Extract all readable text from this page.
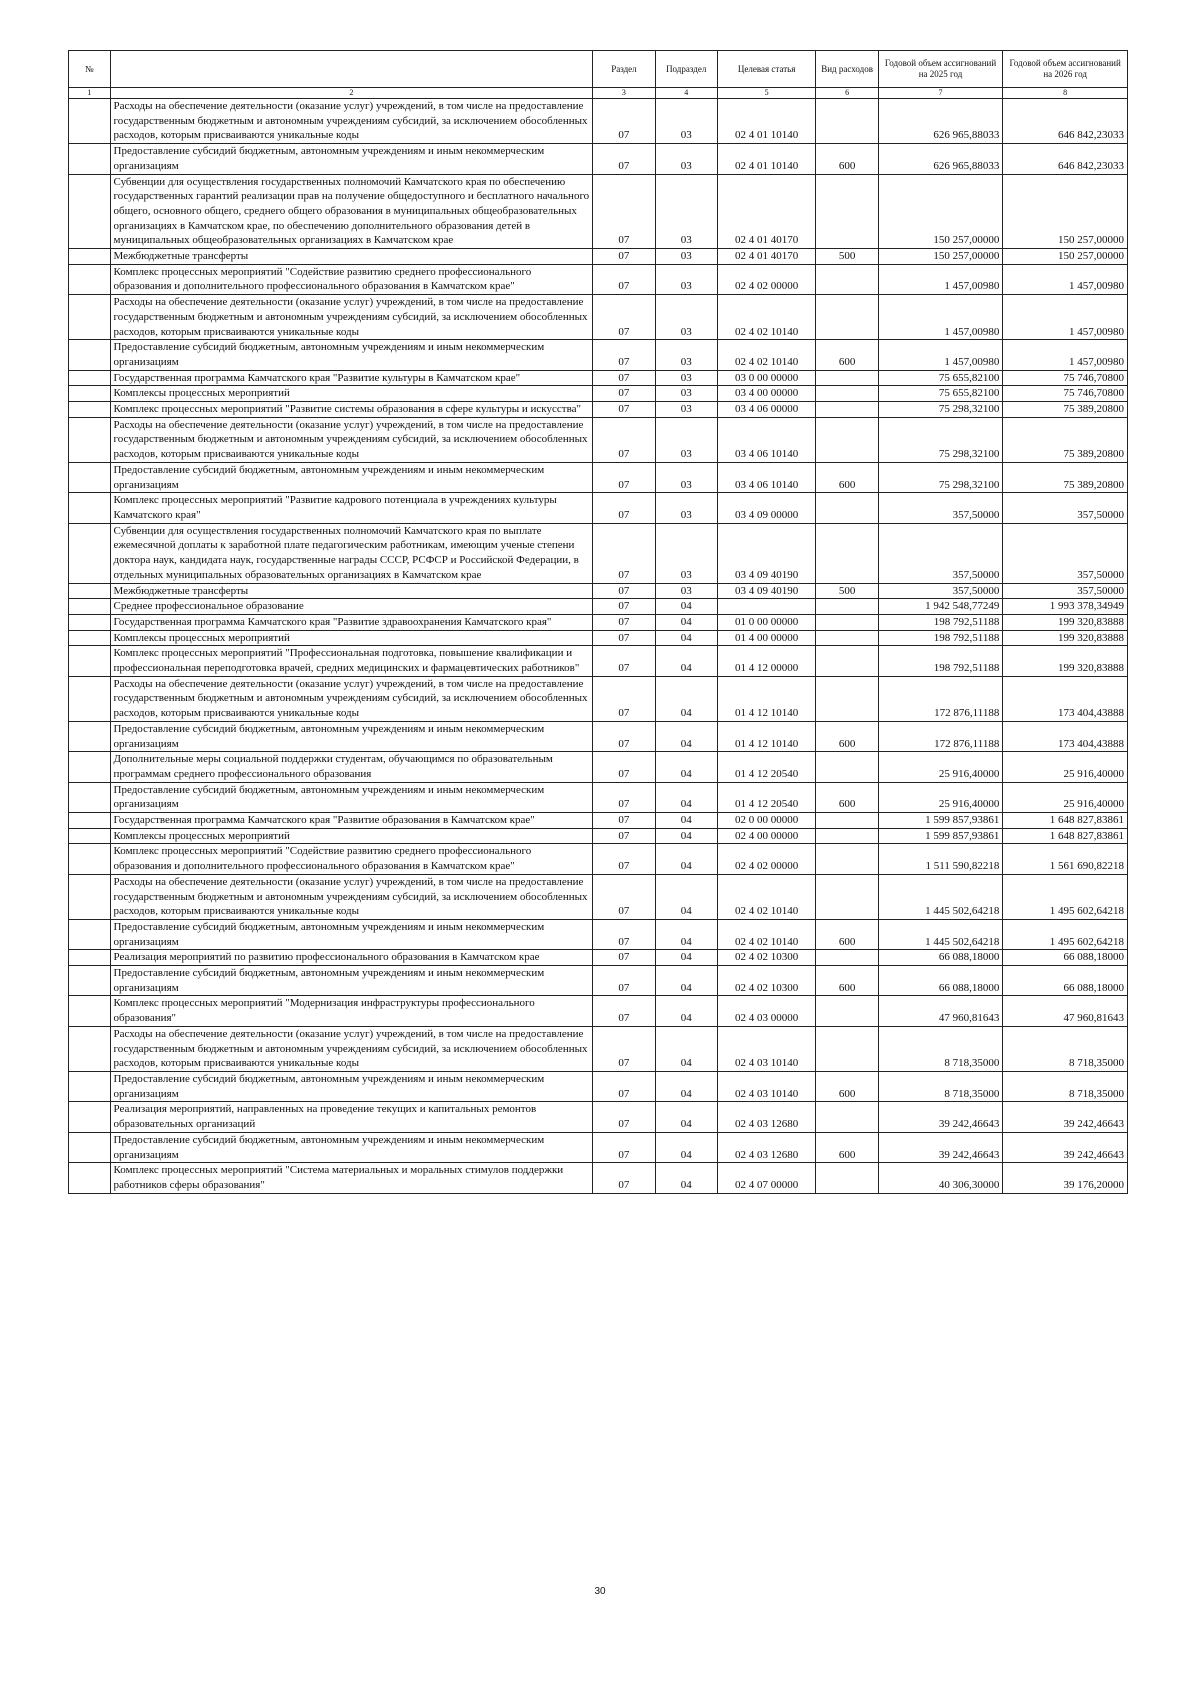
№		Раздел	Подраздел	Целевая статья	Вид расходов	Годовой объем ассигнований на 2025 год	Годовой объем ассигнований на 2026 год
1	2	3	4	5	6	7	8
	Расходы на обеспечение деятельности (оказание услуг) учреждений, в том числе на предоставление государственным бюджетным и автономным учреждениям субсидий, за исключением обособленных расходов, которым присваиваются уникальные коды	07	03	02 4 01 10140		626 965,88033	646 842,23033
	Предоставление субсидий бюджетным, автономным учреждениям и иным некоммерческим организациям	07	03	02 4 01 10140	600	626 965,88033	646 842,23033
	Субвенции для осуществления государственных полномочий Камчатского края по обеспечению государственных гарантий реализации прав на получение общедоступного и бесплатного начального общего, основного общего, среднего общего образования в муниципальных общеобразовательных организациях в Камчатском крае, по обеспечению дополнительного образования детей в муниципальных общеобразовательных организациях в Камчатском крае	07	03	02 4 01 40170		150 257,00000	150 257,00000
	Межбюджетные трансферты	07	03	02 4 01 40170	500	150 257,00000	150 257,00000
	Комплекс процессных мероприятий "Содействие развитию среднего профессионального образования и дополнительного профессионального образования в Камчатском крае"	07	03	02 4 02 00000		1 457,00980	1 457,00980
	Расходы на обеспечение деятельности (оказание услуг) учреждений, в том числе на предоставление государственным бюджетным и автономным учреждениям субсидий, за исключением обособленных расходов, которым присваиваются уникальные коды	07	03	02 4 02 10140		1 457,00980	1 457,00980
	Предоставление субсидий бюджетным, автономным учреждениям и иным некоммерческим организациям	07	03	02 4 02 10140	600	1 457,00980	1 457,00980
	Государственная программа Камчатского края "Развитие культуры в Камчатском крае"	07	03	03 0 00 00000		75 655,82100	75 746,70800
	Комплексы процессных мероприятий	07	03	03 4 00 00000		75 655,82100	75 746,70800
	Комплекс процессных мероприятий "Развитие системы образования в сфере культуры и искусства"	07	03	03 4 06 00000		75 298,32100	75 389,20800
	Расходы на обеспечение деятельности (оказание услуг) учреждений, в том числе на предоставление государственным бюджетным и автономным учреждениям субсидий, за исключением обособленных расходов, которым присваиваются уникальные коды	07	03	03 4 06 10140		75 298,32100	75 389,20800
	Предоставление субсидий бюджетным, автономным учреждениям и иным некоммерческим организациям	07	03	03 4 06 10140	600	75 298,32100	75 389,20800
	Комплекс процессных мероприятий "Развитие кадрового потенциала в учреждениях культуры Камчатского края"	07	03	03 4 09 00000		357,50000	357,50000
	Субвенции для осуществления государственных полномочий Камчатского края по выплате ежемесячной доплаты к заработной плате педагогическим работникам, имеющим ученые степени доктора наук, кандидата наук, государственные награды СССР, РСФСР и Российской Федерации, в отдельных муниципальных образовательных организациях в Камчатском крае	07	03	03 4 09 40190		357,50000	357,50000
	Межбюджетные трансферты	07	03	03 4 09 40190	500	357,50000	357,50000
	Среднее профессиональное образование	07	04			1 942 548,77249	1 993 378,34949
	Государственная программа Камчатского края "Развитие здравоохранения Камчатского края"	07	04	01 0 00 00000		198 792,51188	199 320,83888
	Комплексы процессных мероприятий	07	04	01 4 00 00000		198 792,51188	199 320,83888
	Комплекс процессных мероприятий "Профессиональная подготовка, повышение квалификации и профессиональная переподготовка врачей, средних медицинских и фармацевтических работников"	07	04	01 4 12 00000		198 792,51188	199 320,83888
	Расходы на обеспечение деятельности (оказание услуг) учреждений, в том числе на предоставление государственным бюджетным и автономным учреждениям субсидий, за исключением обособленных расходов, которым присваиваются уникальные коды	07	04	01 4 12 10140		172 876,11188	173 404,43888
	Предоставление субсидий бюджетным, автономным учреждениям и иным некоммерческим организациям	07	04	01 4 12 10140	600	172 876,11188	173 404,43888
	Дополнительные меры социальной поддержки студентам, обучающимся по образовательным программам среднего профессионального образования	07	04	01 4 12 20540		25 916,40000	25 916,40000
	Предоставление субсидий бюджетным, автономным учреждениям и иным некоммерческим организациям	07	04	01 4 12 20540	600	25 916,40000	25 916,40000
	Государственная программа Камчатского края "Развитие образования в Камчатском крае"	07	04	02 0 00 00000		1 599 857,93861	1 648 827,83861
	Комплексы процессных мероприятий	07	04	02 4 00 00000		1 599 857,93861	1 648 827,83861
	Комплекс процессных мероприятий "Содействие развитию среднего профессионального образования и дополнительного профессионального образования в Камчатском крае"	07	04	02 4 02 00000		1 511 590,82218	1 561 690,82218
	Расходы на обеспечение деятельности (оказание услуг) учреждений, в том числе на предоставление государственным бюджетным и автономным учреждениям субсидий, за исключением обособленных расходов, которым присваиваются уникальные коды	07	04	02 4 02 10140		1 445 502,64218	1 495 602,64218
	Предоставление субсидий бюджетным, автономным учреждениям и иным некоммерческим организациям	07	04	02 4 02 10140	600	1 445 502,64218	1 495 602,64218
	Реализация мероприятий по развитию профессионального образования в Камчатском крае	07	04	02 4 02 10300		66 088,18000	66 088,18000
	Предоставление субсидий бюджетным, автономным учреждениям и иным некоммерческим организациям	07	04	02 4 02 10300	600	66 088,18000	66 088,18000
	Комплекс процессных мероприятий "Модернизация инфраструктуры профессионального образования"	07	04	02 4 03 00000		47 960,81643	47 960,81643
	Расходы на обеспечение деятельности (оказание услуг) учреждений, в том числе на предоставление государственным бюджетным и автономным учреждениям субсидий, за исключением обособленных расходов, которым присваиваются уникальные коды	07	04	02 4 03 10140		8 718,35000	8 718,35000
	Предоставление субсидий бюджетным, автономным учреждениям и иным некоммерческим организациям	07	04	02 4 03 10140	600	8 718,35000	8 718,35000
	Реализация мероприятий, направленных на проведение текущих и капитальных ремонтов образовательных организаций	07	04	02 4 03 12680		39 242,46643	39 242,46643
	Предоставление субсидий бюджетным, автономным учреждениям и иным некоммерческим организациям	07	04	02 4 03 12680	600	39 242,46643	39 242,46643
	Комплекс процессных мероприятий "Система материальных и моральных стимулов поддержки работников сферы образования"	07	04	02 4 07 00000		40 306,30000	39 176,20000
30
